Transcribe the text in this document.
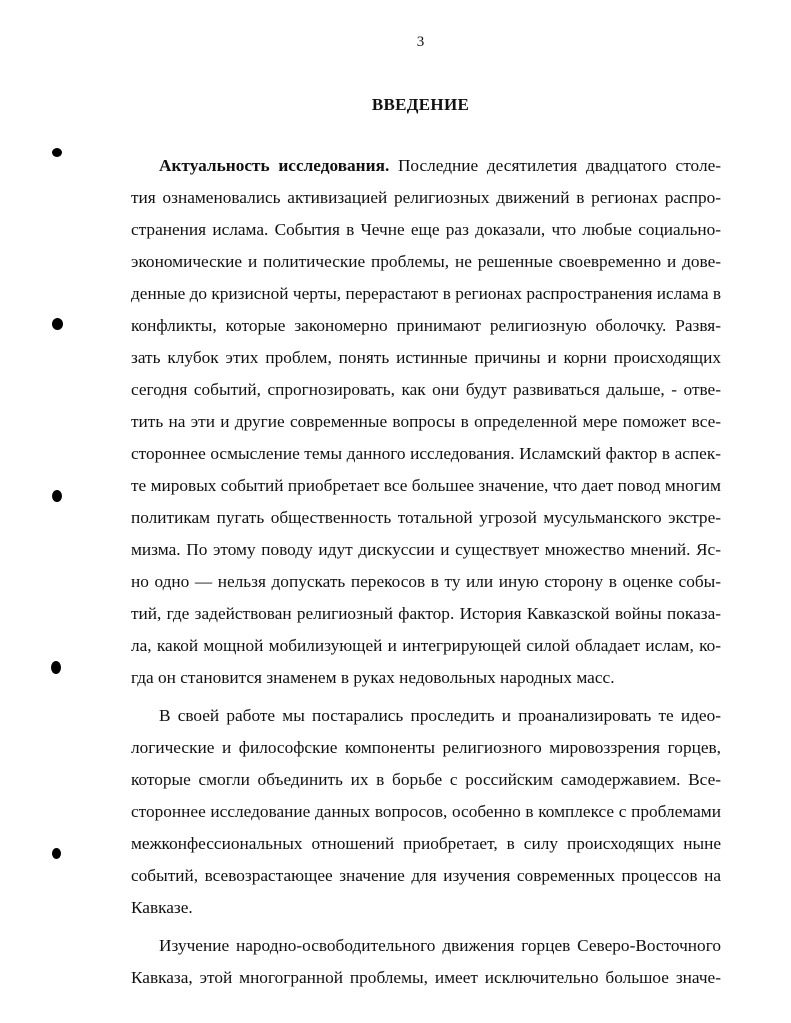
3
ВВЕДЕНИЕ
Актуальность исследования. Последние десятилетия двадцатого столе-
тия ознаменовались активизацией религиозных движений в регионах распро-
странения ислама. События в Чечне еще раз доказали, что любые социально-
экономические и политические проблемы, не решенные своевременно и дове-
денные до кризисной черты, перерастают в регионах распространения ислама в
конфликты, которые закономерно принимают религиозную оболочку. Развя-
зать клубок этих проблем, понять истинные причины и корни происходящих
сегодня событий, спрогнозировать, как они будут развиваться дальше, - отве-
тить на эти и другие современные вопросы в определенной мере поможет все-
стороннее осмысление темы данного исследования. Исламский фактор в аспек-
те мировых событий приобретает все большее значение, что дает повод многим
политикам пугать общественность тотальной угрозой мусульманского экстре-
мизма. По этому поводу идут дискуссии и существует множество мнений. Яс-
но одно — нельзя допускать перекосов в ту или иную сторону в оценке собы-
тий, где задействован религиозный фактор. История Кавказской войны показа-
ла, какой мощной мобилизующей и интегрирующей силой обладает ислам, ко-
гда он становится знаменем в руках недовольных народных масс.
В своей работе мы постарались проследить и проанализировать те идео-
логические и философские компоненты религиозного мировоззрения горцев,
которые смогли объединить их в борьбе с российским самодержавием. Все-
стороннее исследование данных вопросов, особенно в комплексе с проблемами
межконфессиональных отношений приобретает, в силу происходящих ныне
событий, всевозрастающее значение для изучения современных процессов на
Кавказе.
Изучение народно-освободительного движения горцев Северо-Восточного
Кавказа, этой многогранной проблемы, имеет исключительно большое значе-
